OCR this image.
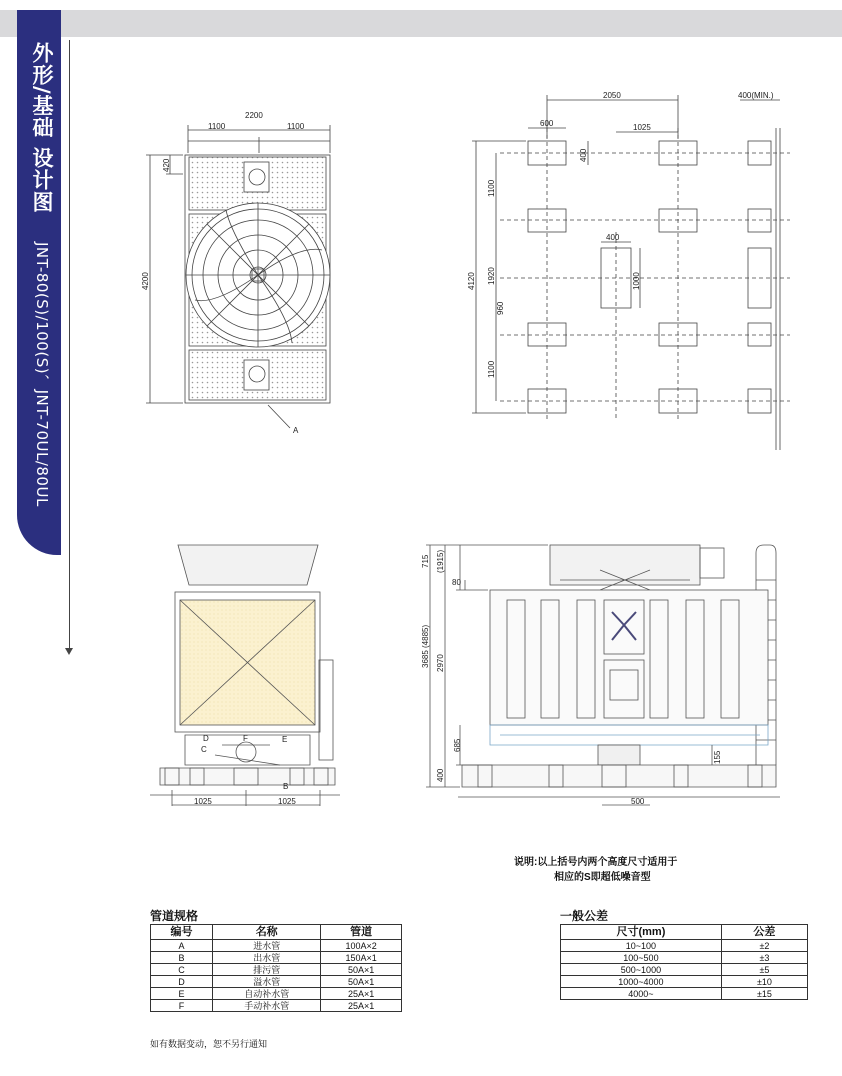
外形/基础 设计图
JNT-80(S)/100(S)、JNT-70UL/80UL
2200
1100	1100
4200
420
A
2050
600	1025
400(MIN.)
400
4120
1100
1920
960
1100
400
1000
1025	1025
D	F	E
C
B
715 (1915)
80
3685 (4885) 2970
685
400
155
500
说明:以上括号内两个高度尺寸适用于
相应的S即超低噪音型
管道规格
编号	名称	管道
A	进水管	100A×2
B	出水管	150A×1
C	排污管	50A×1
D	溢水管	50A×1
E	自动补水管	25A×1
F	手动补水管	25A×1
一般公差
尺寸(mm)	公差
10~100	±2
100~500	±3
500~1000	±5
1000~4000	±10
4000~	±15
如有数据变动，恕不另行通知
